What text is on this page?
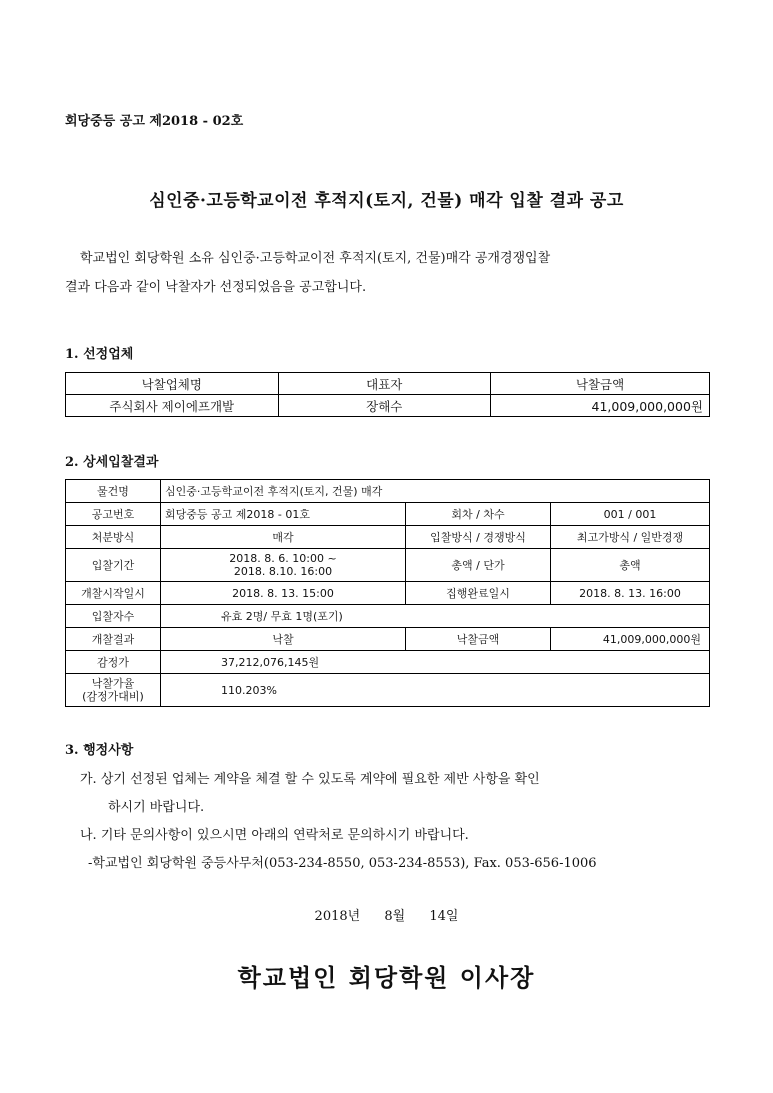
회당중등 공고 제2018 - 02호
심인중·고등학교이전 후적지(토지, 건물) 매각 입찰 결과 공고

학교법인 회당학원 소유 심인중·고등학교이전 후적지(토지, 건물)매각 공개경쟁입찰

결과 다음과 같이 낙찰자가 선정되었음을 공고합니다.

1. 선정업체
낙찰업체명	대표자	낙찰금액
주식회사 제이에프개발	장해수	41,009,000,000원
2. 상세입찰결과
물건명	심인중·고등학교이전 후적지(토지, 건물) 매각		
공고번호	회당중등 공고 제2018 - 01호	회차 / 차수	001 / 001
처분방식	매각	입찰방식 / 경쟁방식	최고가방식 / 일반경쟁
입찰기간	2018. 8. 6. 10:00 ~
2018. 8.10. 16:00	총액 / 단가	총액
개찰시작일시	2018. 8. 13. 15:00	집행완료일시	2018. 8. 13. 16:00
입찰자수	유효 2명/ 무효 1명(포기)		
개찰결과	낙찰	낙찰금액	41,009,000,000원
감정가	37,212,076,145원		

낙찰가율
(감정가대비)	110.203%		
3. 행정사항

가. 상기 선정된 업체는 계약을 체결 할 수 있도록 계약에 필요한 제반 사항을 확인

하시기 바랍니다.

나. 기타 문의사항이 있으시면 아래의 연락처로 문의하시기 바랍니다.

-학교법인 회당학원 중등사무처(053-234-8550, 053-234-8553), Fax. 053-656-1006

2018년 8월 14일
학교법인 회당학원 이사장
